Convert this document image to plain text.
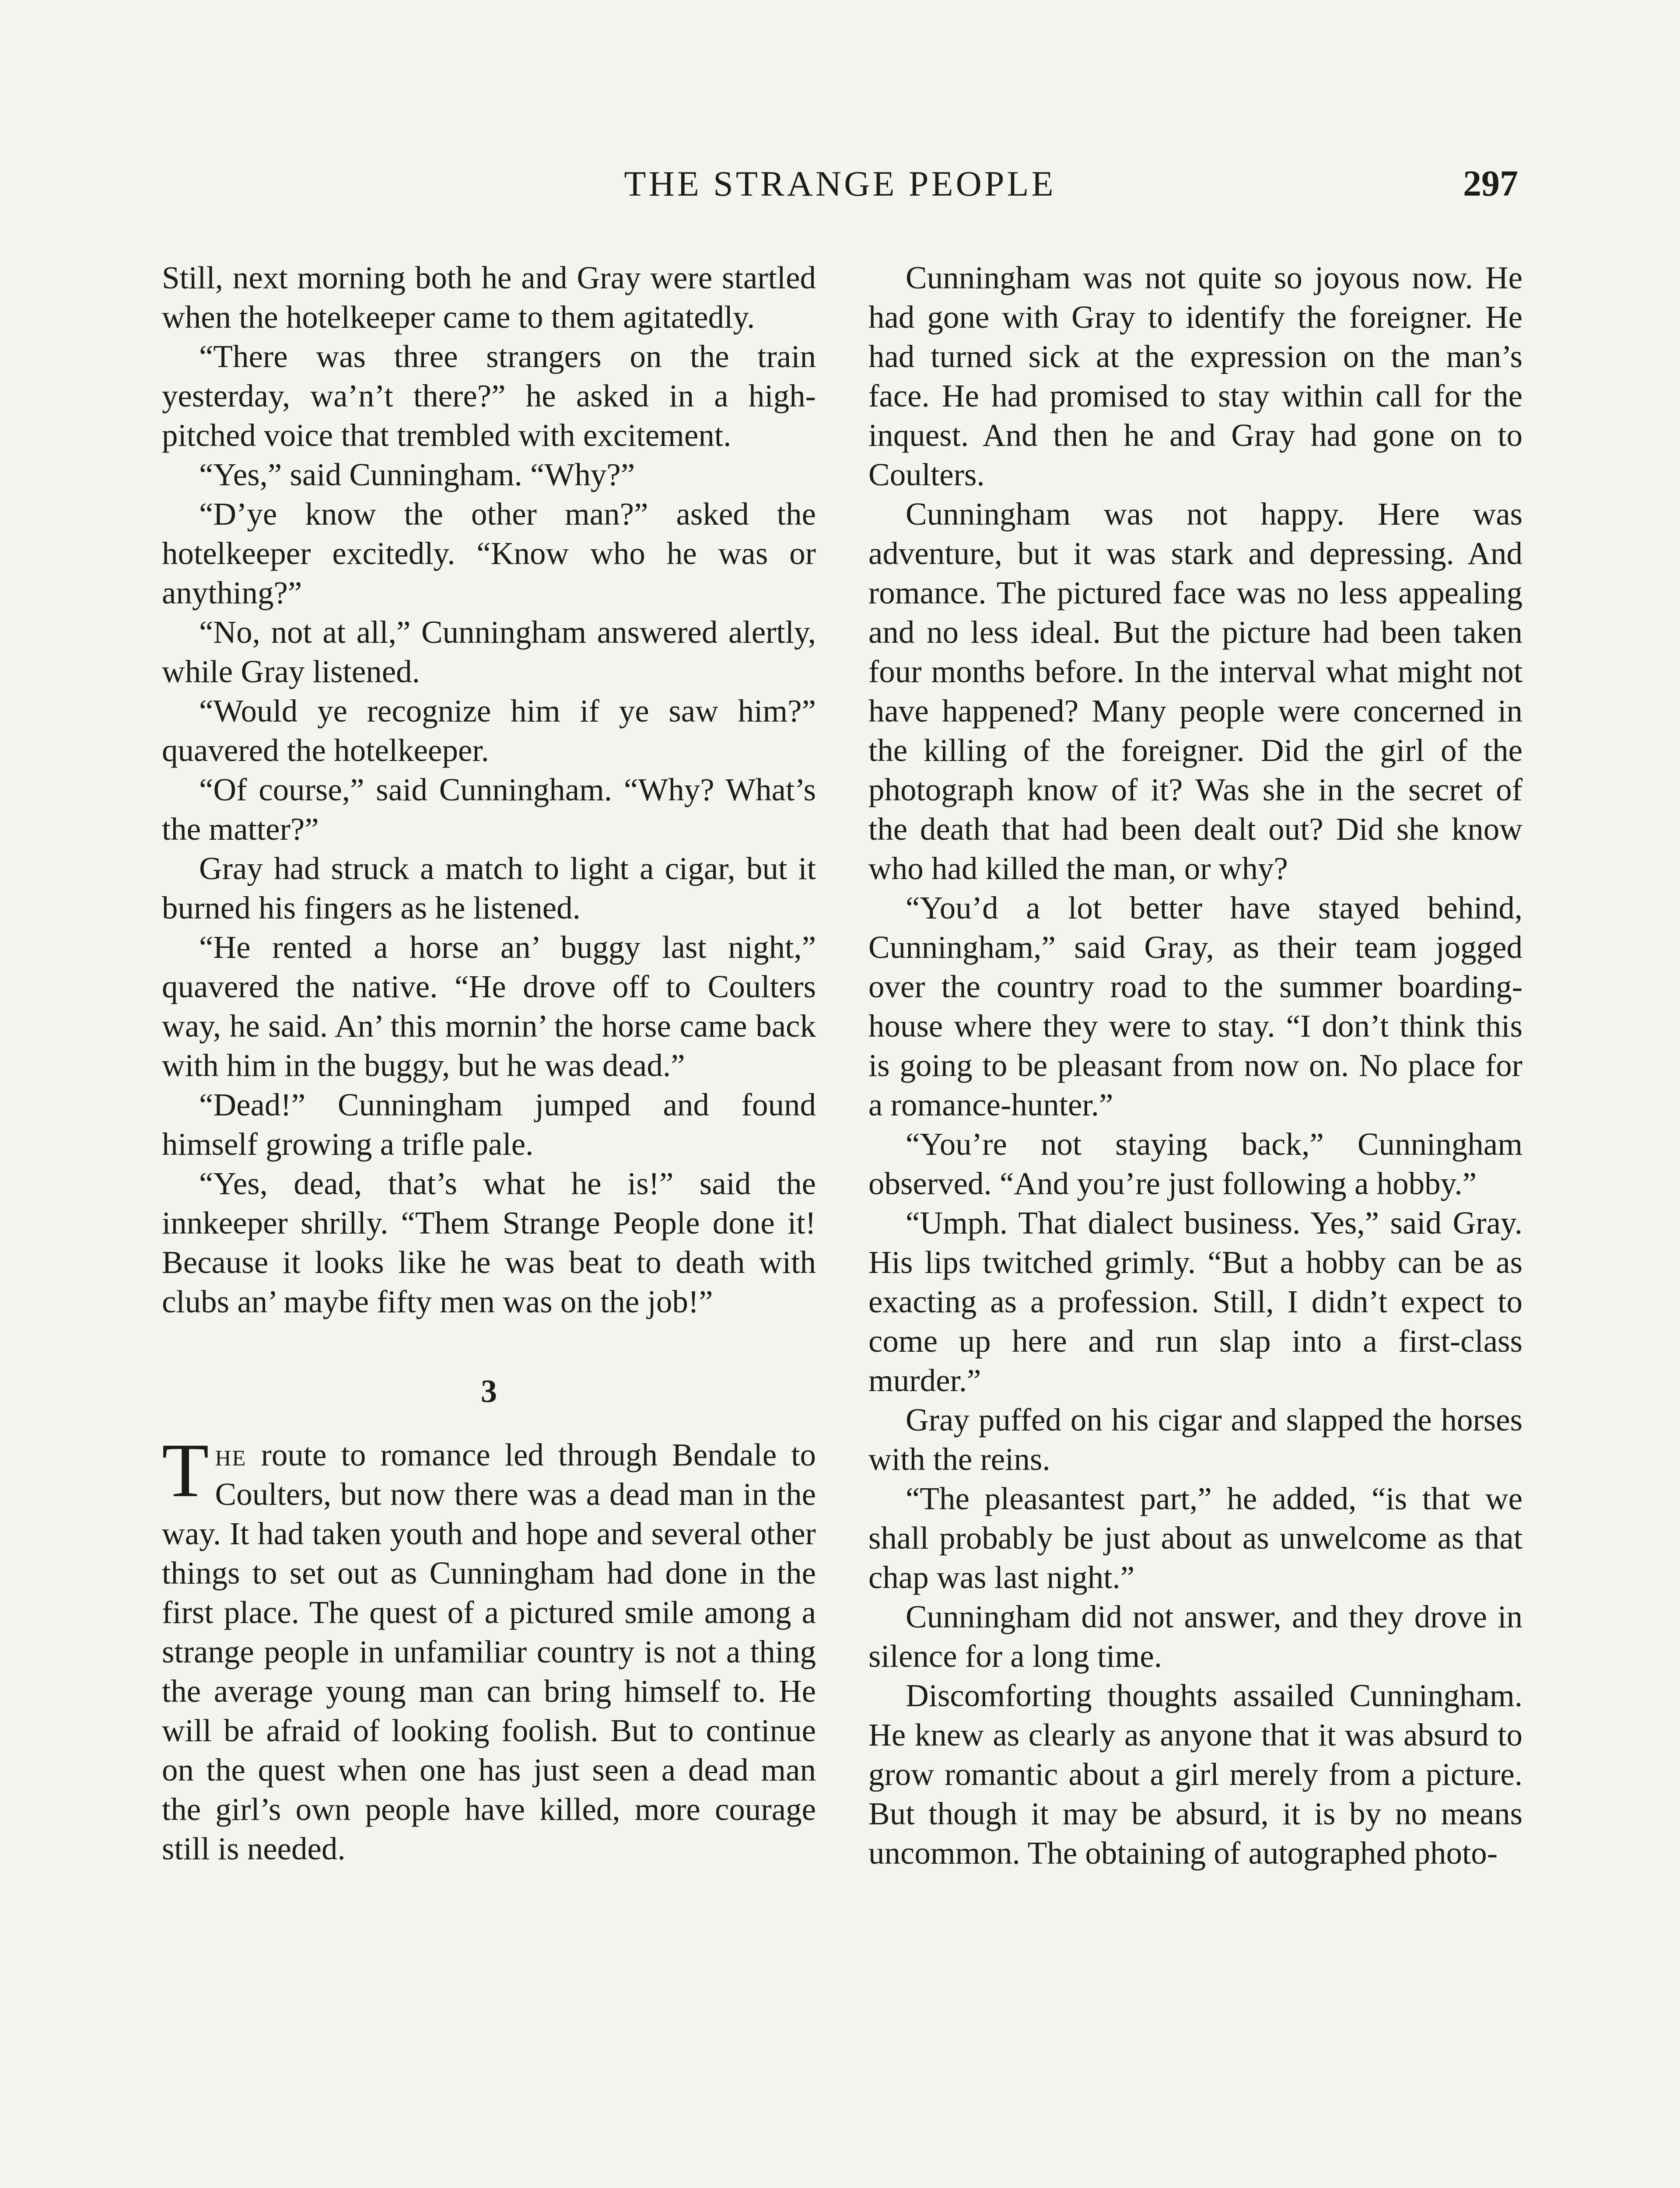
THE STRANGE PEOPLE	297

Still, next morning both he and Gray were startled when the hotelkeeper came to them agitatedly.

“There was three strangers on the train yesterday, wa’n’t there?” he asked in a high-pitched voice that trembled with excitement.

“Yes,” said Cunningham. “Why?”

“D’ye know the other man?” asked the hotelkeeper excitedly. “Know who he was or anything?”

“No, not at all,” Cunningham answered alertly, while Gray listened.

“Would ye recognize him if ye saw him?” quavered the hotelkeeper.

“Of course,” said Cunningham. “Why? What’s the matter?”

Gray had struck a match to light a cigar, but it burned his fingers as he listened.

“He rented a horse an’ buggy last night,” quavered the native. “He drove off to Coulters way, he said. An’ this mornin’ the horse came back with him in the buggy, but he was dead.”

“Dead!” Cunningham jumped and found himself growing a trifle pale.

“Yes, dead, that’s what he is!” said the innkeeper shrilly. “Them Strange People done it! Because it looks like he was beat to death with clubs an’ maybe fifty men was on the job!”

3

The route to romance led through Bendale to Coulters, but now there was a dead man in the way. It had taken youth and hope and several other things to set out as Cunningham had done in the first place. The quest of a pictured smile among a strange people in unfamiliar country is not a thing the average young man can bring himself to. He will be afraid of looking foolish. But to continue on the quest when one has just seen a dead man the girl’s own people have killed, more courage still is needed.

Cunningham was not quite so joyous now. He had gone with Gray to identify the foreigner. He had turned sick at the expression on the man’s face. He had promised to stay within call for the inquest. And then he and Gray had gone on to Coulters.

Cunningham was not happy. Here was adventure, but it was stark and depressing. And romance. The pictured face was no less appealing and no less ideal. But the picture had been taken four months before. In the interval what might not have happened? Many people were concerned in the killing of the foreigner. Did the girl of the photograph know of it? Was she in the secret of the death that had been dealt out? Did she know who had killed the man, or why?

“You’d a lot better have stayed behind, Cunningham,” said Gray, as their team jogged over the country road to the summer boarding-house where they were to stay. “I don’t think this is going to be pleasant from now on. No place for a romance-hunter.”

“You’re not staying back,” Cunningham observed. “And you’re just following a hobby.”

“Umph. That dialect business. Yes,” said Gray. His lips twitched grimly. “But a hobby can be as exacting as a profession. Still, I didn’t expect to come up here and run slap into a first-class murder.”

Gray puffed on his cigar and slapped the horses with the reins.

“The pleasantest part,” he added, “is that we shall probably be just about as unwelcome as that chap was last night.”

Cunningham did not answer, and they drove in silence for a long time.

Discomforting thoughts assailed Cunningham. He knew as clearly as anyone that it was absurd to grow romantic about a girl merely from a picture. But though it may be absurd, it is by no means uncommon. The obtaining of autographed photo-
